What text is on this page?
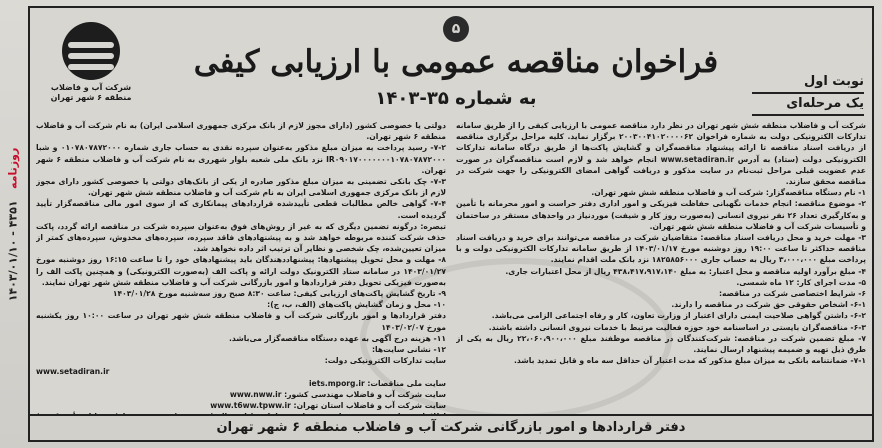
۱۴۰۳/۰۱/۱۰ - ۴۳۵۱   روزنامه
شرکت آب و فاضلاب
منطقه ۶ شهر تهران
۵
فراخوان مناقصه عمومی با ارزیابی کیفی
به شماره ۳۵-۱۴۰۳
نوبت اول
یک مرحله‌ای

شرکت آب و فاضلاب منطقه شش شهر تهران در نظر دارد مناقصه عمومی با ارزیابی کیفی را از طریق سامانه تدارکات الکترونیکی دولت به شماره فراخوان ۲۰۰۳۰۰۴۱۰۲۰۰۰۰۶۲ برگزار نماید. کلیه مراحل برگزاری مناقصه از دریافت اسناد مناقصه تا ارائه پیشنهاد مناقصه‌گران و گشایش پاکت‌ها از طریق درگاه سامانه تدارکات الکترونیکی دولت (ستاد) به آدرس www.setadiran.ir انجام خواهد شد و لازم است مناقصه‌گران در صورت عدم عضویت قبلی مراحل ثبت‌نام در سایت مذکور و دریافت گواهی امضای الکترونیکی را جهت شرکت در مناقصه محقق سازند.

۱- نام دستگاه مناقصه‌گزار: شرکت آب و فاضلاب منطقه شش شهر تهران.

۲- موضوع مناقصه: انجام خدمات نگهبانی حفاظت فیزیکی و امور اداری دفتر حراست و امور محرمانه با تأمین و به‌کارگیری تعداد ۲۶ نفر نیروی انسانی (به‌صورت روز کار و شیفت) موردنیاز در واحدهای مستقر در ساختمان و تأسیسات شرکت آب و فاضلاب منطقه شش شهر تهران.

۳- مهلت خرید و محل دریافت اسناد مناقصه: متقاضیان شرکت در مناقصه می‌توانند برای خرید و دریافت اسناد مناقصه حداکثر تا ساعت ۱۹:۰۰ روز دوشنبه مورخ ۱۴۰۳/۰۱/۱۷ از طریق سامانه تدارکات الکترونیکی دولت و با پرداخت مبلغ ۳،۰۰۰،۰۰۰ ریال به حساب جاری ۱۸۲۵۸۵۶۰۰۰ نزد بانک ملت اقدام نمایند.

۴- مبلغ برآورد اولیه مناقصه و محل اعتبار: به مبلغ ۴۳۸،۴۱۷،۹۱۷،۱۴۰ ریال از محل اعتبارات جاری.

۵- مدت اجرای کار: ۱۲ ماه شمسی.

۶- شرایط اختصاصی شرکت در مناقصه:

۶-۱- اشخاص حقوقی حق شرکت در مناقصه را دارند.

۶-۲- داشتن گواهی صلاحیت ایمنی دارای اعتبار از وزارت تعاون، کار و رفاه اجتماعی الزامی می‌باشد.

۶-۳- مناقصه‌گران بایستی در اساسنامه خود حوزه فعالیت مرتبط با خدمات نیروی انسانی داشته باشند.

۷- مبلغ تضمین شرکت در مناقصه: شرکت‌کنندگان در مناقصه موظفند مبلغ ۲۲،۰۶۰،۹۰۰،۰۰۰ ریال به یکی از طرق ذیل تهیه و ضمیمه پیشنهاد ارسال نمایند.

۷-۱- ضمانتنامه بانکی به میزان مبلغ مذکور که مدت اعتبار آن حداقل سه ماه و قابل تمدید باشد.

دولتی یا خصوصی کشور (دارای مجوز لازم از بانک مرکزی جمهوری اسلامی ایران) به نام شرکت آب و فاضلاب منطقه ۶ شهر تهران.

۷-۲- رسید پرداخت به میزان مبلغ مذکور به‌عنوان سپرده نقدی به حساب جاری شماره ۰۱۰۷۸۰۷۸۷۲۰۰۰ و شبا IR۰۹۰۱۷۰۰۰۰۰۰۰۱۰۷۸۰۷۸۷۲۰۰۰ نزد بانک ملی شعبه بلوار شهرری به نام شرکت آب و فاضلاب منطقه ۶ شهر تهران.

۷-۳- چک بانکی تضمینی به میزان مبلغ مذکور صادره از یکی از بانک‌های دولتی یا خصوصی کشور دارای مجوز لازم از بانک مرکزی جمهوری اسلامی ایران به نام شرکت آب و فاضلاب منطقه شش شهر تهران.

۷-۴- گواهی خالص مطالبات قطعی تأییدشده قراردادهای پیمانکاری که از سوی امور مالی مناقصه‌گزار تأیید گردیده است.

تبصره: درگونه تضمین دیگری که به غیر از روش‌های فوق به‌عنوان سپرده شرکت در مناقصه ارائه گردد، پاکت حذف شرکت کننده مربوطه خواهد شد و به پیشنهادهای فاقد سپرده، سپرده‌های مخدوش، سپرده‌های کمتر از میزان تعیین‌شده، چک شخصی و نظایر آن ترتیب اثر داده نخواهد شد.

۸- مهلت و محل تحویل پیشنهادها: پیشنهاددهندگان باید پیشنهادهای خود را تا ساعت ۱۶:۱۵ روز دوشنبه مورخ ۱۴۰۳/۰۱/۲۷ در سامانه ستاد الکترونیک دولت ارائه و پاکت الف (به‌صورت الکترونیکی) و همچنین پاکت الف را به‌صورت فیزیکی تحویل دفتر قراردادها و امور بازرگانی شرکت آب و فاضلاب منطقه شش شهر تهران نمایند.

۹- تاریخ گشایش پاکت‌های ارزیابی کیفی: ساعت ۸:۳۰ صبح روز سه‌شنبه مورخ ۱۴۰۳/۰۱/۲۸

۱۰- محل و زمان گشایش پاکت‌های (الف، ب، ج):

دفتر قراردادها و امور بازرگانی شرکت آب و فاضلاب منطقه شش شهر تهران در ساعت ۱۰:۰۰ روز یکشنبه مورخ ۱۴۰۳/۰۲/۰۷

۱۱- هزینه درج آگهی به عهده دستگاه مناقصه‌گزار می‌باشد.

۱۲- نشانی سایت‌ها:

سایت تدارکات الکترونیکی دولت:

www.setadiran.ir

سایت ملی مناقصات: iets.mporg.ir

سایت شرکت آب و فاضلاب مهندسی کشور: www.nww.ir

سایت شرکت آب و فاضلاب استان تهران: www.t6ww.tpww.ir

دفتر قراردادها و امور بازرگانی شرکت آب و فاضلاب منطقه ۶ شهر تهران
